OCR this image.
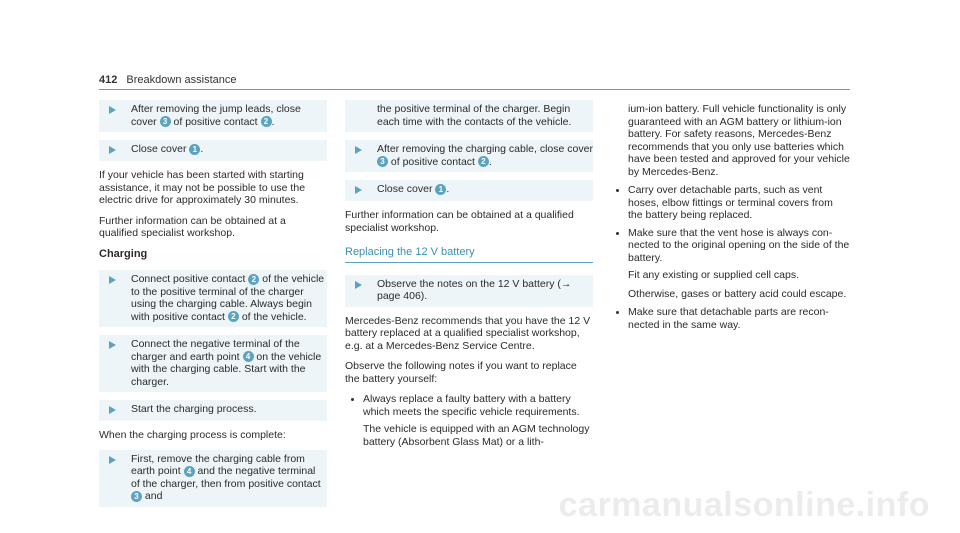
412 Breakdown assistance
After removing the jump leads, close cover 3 of positive contact 2 .
Close cover 1 .

If your vehicle has been started with starting assistance, it may not be possible to use the electric drive for approximately 30 minutes.

Further information can be obtained at a qualified specialist workshop.

Charging
Connect positive contact 2 of the vehicle to the positive terminal of the charger using the charging cable. Always begin with positive contact 2 of the vehicle.
Connect the negative terminal of the charger and earth point 4 on the vehicle with the charging cable. Start with the charger.
Start the charging process.

When the charging process is complete:

First, remove the charging cable from earth point 4 and the negative terminal of the charger, then from positive contact 3 and
the positive terminal of the charger. Begin each time with the contacts of the vehicle.
After removing the charging cable, close cover 3 of positive contact 2 .
Close cover 1 .

Further information can be obtained at a qualified specialist workshop.

Replacing the 12 V battery
Observe the notes on the 12 V battery (→ page 406).

Mercedes-Benz recommends that you have the 12 V battery replaced at a qualified specialist workshop, e.g. at a Mercedes-Benz Service Centre.

Observe the following notes if you want to replace the battery yourself:

Always replace a faulty battery with a battery which meets the specific vehicle requirements.

The vehicle is equipped with an AGM technology battery (Absorbent Glass Mat) or a lith-

ium-ion battery. Full vehicle functionality is only guaranteed with an AGM battery or lithium-ion battery. For safety reasons, Mercedes-Benz recommends that you only use batteries which have been tested and approved for your vehicle by Mercedes-Benz.

Carry over detachable parts, such as vent hoses, elbow fittings or terminal covers from the battery being replaced.
Make sure that the vent hose is always connected to the original opening on the side of the battery.

Fit any existing or supplied cell caps.

Otherwise, gases or battery acid could escape.

Make sure that detachable parts are reconnected in the same way.
carmanualsonline.info
